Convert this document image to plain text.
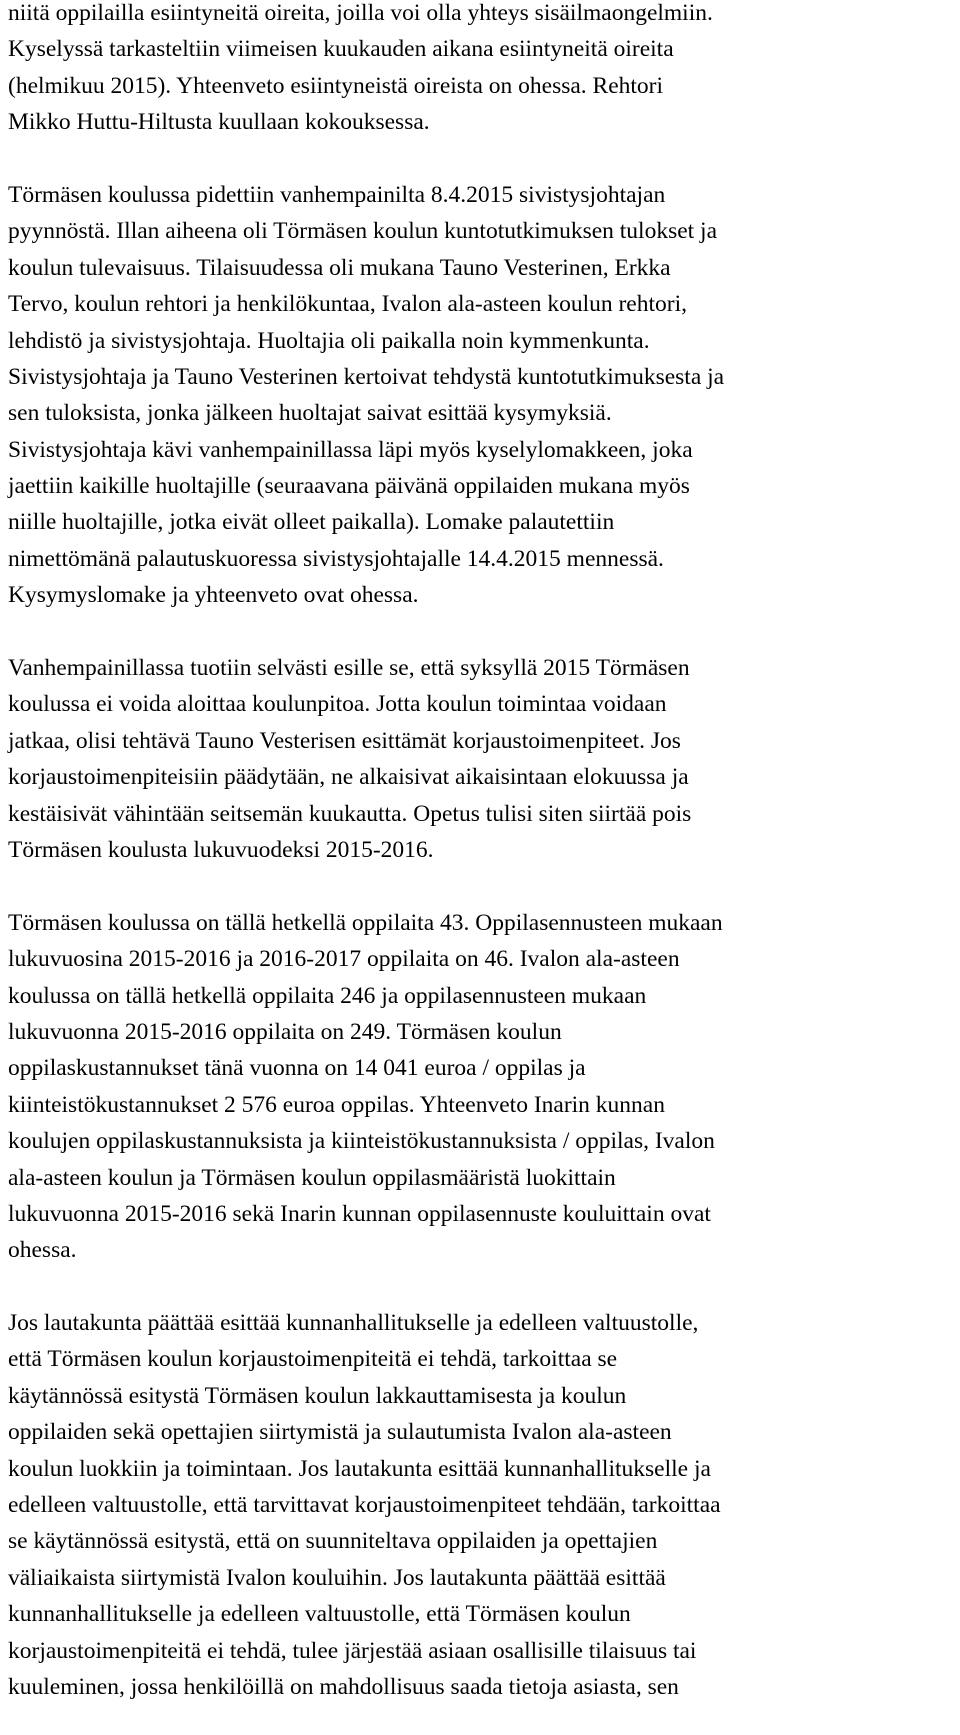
niitä oppilailla esiintyneitä oireita, joilla voi olla yhteys sisäilmaongelmiin.
Kyselyssä tarkasteltiin viimeisen kuukauden aikana esiintyneitä oireita
(helmikuu 2015). Yhteenveto esiintyneistä oireista on ohessa. Rehtori
Mikko Huttu-Hiltusta kuullaan kokouksessa.
Törmäsen koulussa pidettiin vanhempainilta 8.4.2015 sivistysjohtajan
pyynnöstä. Illan aiheena oli Törmäsen koulun kuntotutkimuksen tulokset ja
koulun tulevaisuus. Tilaisuudessa oli mukana Tauno Vesterinen, Erkka
Tervo, koulun rehtori ja henkilökuntaa, Ivalon ala-asteen koulun rehtori,
lehdistö ja sivistysjohtaja. Huoltajia oli paikalla noin kymmenkunta.
Sivistysjohtaja ja Tauno Vesterinen kertoivat tehdystä kuntotutkimuksesta ja
sen tuloksista, jonka jälkeen huoltajat saivat esittää kysymyksiä.
Sivistysjohtaja kävi vanhempainillassa läpi myös kyselylomakkeen, joka
jaettiin kaikille huoltajille (seuraavana päivänä oppilaiden mukana myös
niille huoltajille, jotka eivät olleet paikalla). Lomake palautettiin
nimettömänä palautuskuoressa sivistysjohtajalle 14.4.2015 mennessä.
Kysymyslomake ja yhteenveto ovat ohessa.
Vanhempainillassa tuotiin selvästi esille se, että syksyllä 2015 Törmäsen
koulussa ei voida aloittaa koulunpitoa. Jotta koulun toimintaa voidaan
jatkaa, olisi tehtävä Tauno Vesterisen esittämät korjaustoimenpiteet. Jos
korjaustoimenpiteisiin päädytään, ne alkaisivat aikaisintaan elokuussa ja
kestäisivät vähintään seitsemän kuukautta. Opetus tulisi siten siirtää pois
Törmäsen koulusta lukuvuodeksi 2015-2016.
Törmäsen koulussa on tällä hetkellä oppilaita 43. Oppilasennusteen mukaan
lukuvuosina 2015-2016 ja 2016-2017 oppilaita on 46. Ivalon ala-asteen
koulussa on tällä hetkellä oppilaita 246 ja oppilasennusteen mukaan
lukuvuonna 2015-2016 oppilaita on 249. Törmäsen koulun
oppilaskustannukset tänä vuonna on 14 041 euroa / oppilas ja
kiinteistökustannukset 2 576 euroa oppilas. Yhteenveto Inarin kunnan
koulujen oppilaskustannuksista ja kiinteistökustannuksista / oppilas, Ivalon
ala-asteen koulun ja Törmäsen koulun oppilasmääristä luokittain
lukuvuonna 2015-2016 sekä Inarin kunnan oppilasennuste kouluittain ovat
ohessa.
Jos lautakunta päättää esittää kunnanhallitukselle ja edelleen valtuustolle,
että Törmäsen koulun korjaustoimenpiteitä ei tehdä, tarkoittaa se
käytännössä esitystä Törmäsen koulun lakkauttamisesta ja koulun
oppilaiden sekä opettajien siirtymistä ja sulautumista Ivalon ala-asteen
koulun luokkiin ja toimintaan. Jos lautakunta esittää kunnanhallitukselle ja
edelleen valtuustolle, että tarvittavat korjaustoimenpiteet tehdään, tarkoittaa
se käytännössä esitystä, että on suunniteltava oppilaiden ja opettajien
väliaikaista siirtymistä Ivalon kouluihin. Jos lautakunta päättää esittää
kunnanhallitukselle ja edelleen valtuustolle, että Törmäsen koulun
korjaustoimenpiteitä ei tehdä, tulee järjestää asiaan osallisille tilaisuus tai
kuuleminen, jossa henkilöillä on mahdollisuus saada tietoja asiasta, sen
